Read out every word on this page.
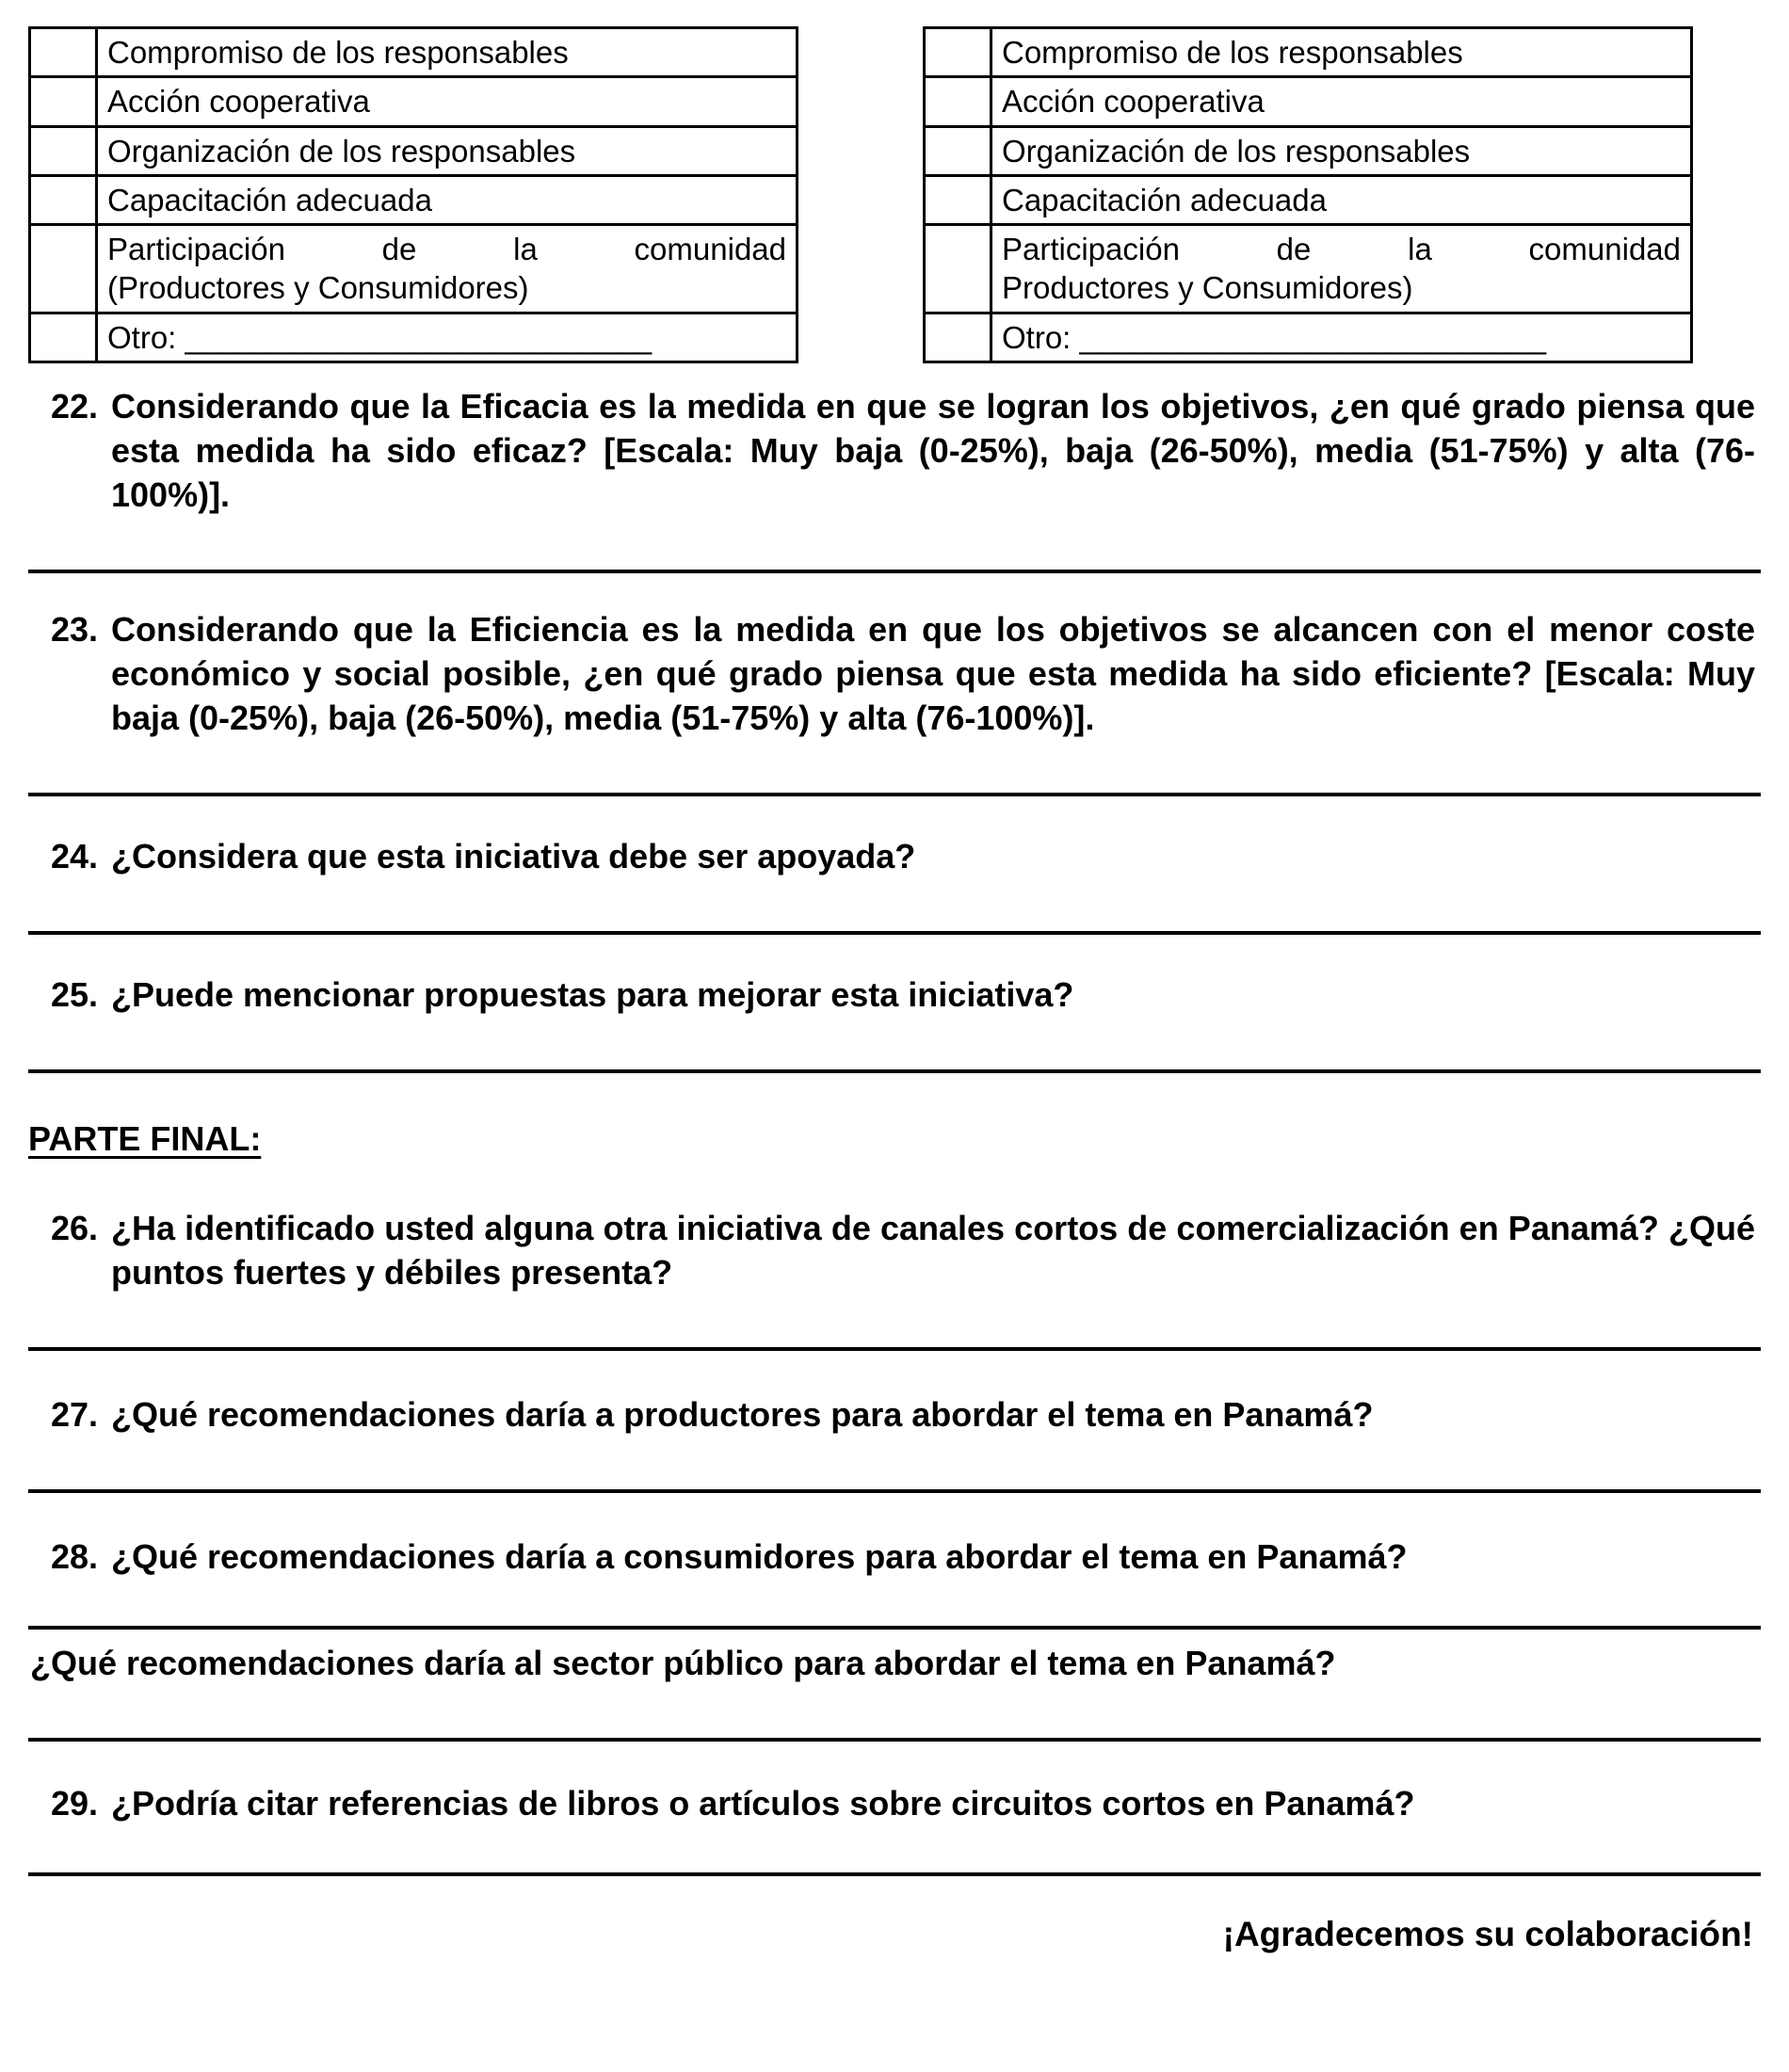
	Compromiso de los responsables
	Acción cooperativa
	Organización de los responsables
	Capacitación adecuada

	Participación de la comunidad
(Productores y Consumidores)

	Otro: ___________________________
	Compromiso de los responsables
	Acción cooperativa
	Organización de los responsables
	Capacitación adecuada

	Participación de la comunidad
Productores y Consumidores)

	Otro: ___________________________
22. Considerando que la Eficacia es la medida en que se logran los objetivos, ¿en qué grado piensa que esta medida ha sido eficaz? [Escala: Muy baja (0-25%), baja (26-50%), media (51-75%) y alta (76-100%)].
23. Considerando que la Eficiencia es la medida en que los objetivos se alcancen con el menor coste económico y social posible, ¿en qué grado piensa que esta medida ha sido eficiente? [Escala: Muy baja (0-25%), baja (26-50%), media (51-75%) y alta (76-100%)].
24. ¿Considera que esta iniciativa debe ser apoyada?
25. ¿Puede mencionar propuestas para mejorar esta iniciativa?
PARTE FINAL:
26. ¿Ha identificado usted alguna otra iniciativa de canales cortos de comercialización en Panamá? ¿Qué puntos fuertes y débiles presenta?
27. ¿Qué recomendaciones daría a productores para abordar el tema en Panamá?
28. ¿Qué recomendaciones daría a consumidores para abordar el tema en Panamá?
¿Qué recomendaciones daría al sector público para abordar el tema en Panamá?
29. ¿Podría citar referencias de libros o artículos sobre circuitos cortos en Panamá?
¡Agradecemos su colaboración!
